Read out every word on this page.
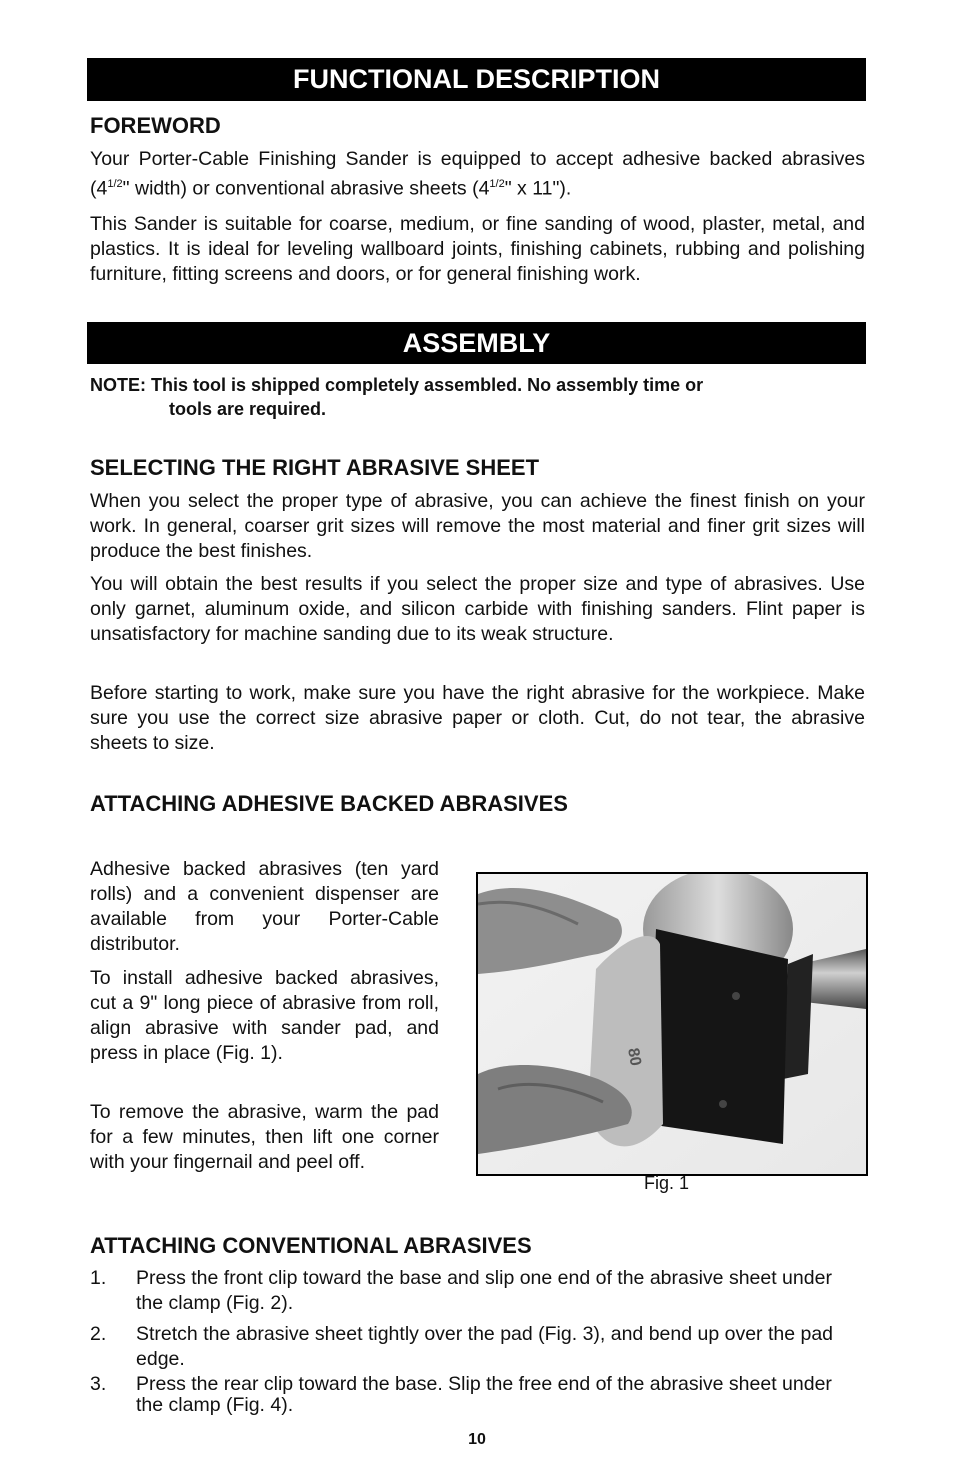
FUNCTIONAL DESCRIPTION
FOREWORD

Your Porter-Cable Finishing Sander is equipped to accept adhesive backed abrasives ($4^{1/2}$" width) or conventional abrasive sheets ($4^{1/2}$" x 11").

This Sander is suitable for coarse, medium, or fine sanding of wood, plaster, metal, and plastics. It is ideal for leveling wallboard joints, finishing cabinets, rubbing and polishing furniture, fitting screens and doors, or for general finishing work.

ASSEMBLY
NOTE: This tool is shipped completely assembled. No assembly time or
tools are required.
SELECTING THE RIGHT ABRASIVE SHEET

When you select the proper type of abrasive, you can achieve the finest finish on your work. In general, coarser grit sizes will remove the most material and finer grit sizes will produce the best finishes.

You will obtain the best results if you select the proper size and type of abrasives. Use only garnet, aluminum oxide, and silicon carbide with finishing sanders. Flint paper is unsatisfactory for machine sanding due to its weak structure.

Before starting to work, make sure you have the right abrasive for the workpiece. Make sure you use the correct size abrasive paper or cloth. Cut, do not tear, the abrasive sheets to size.

ATTACHING ADHESIVE BACKED ABRASIVES

Adhesive backed abrasives (ten yard rolls) and a convenient dispenser are available from your Porter-Cable distributor.

To install adhesive backed abrasives, cut a 9" long piece of abrasive from roll, align abrasive with sander pad, and press in place (Fig. 1).

To remove the abrasive, warm the pad for a few minutes, then lift one corner with your fingernail and peel off.

80
Fig. 1
ATTACHING CONVENTIONAL ABRASIVES
1. Press the front clip toward the base and slip one end of the abrasive sheet under the clamp (Fig. 2).
2. Stretch the abrasive sheet tightly over the pad (Fig. 3), and bend up over the pad edge.
3. Press the rear clip toward the base. Slip the free end of the abrasive sheet under the clamp (Fig. 4).
10
